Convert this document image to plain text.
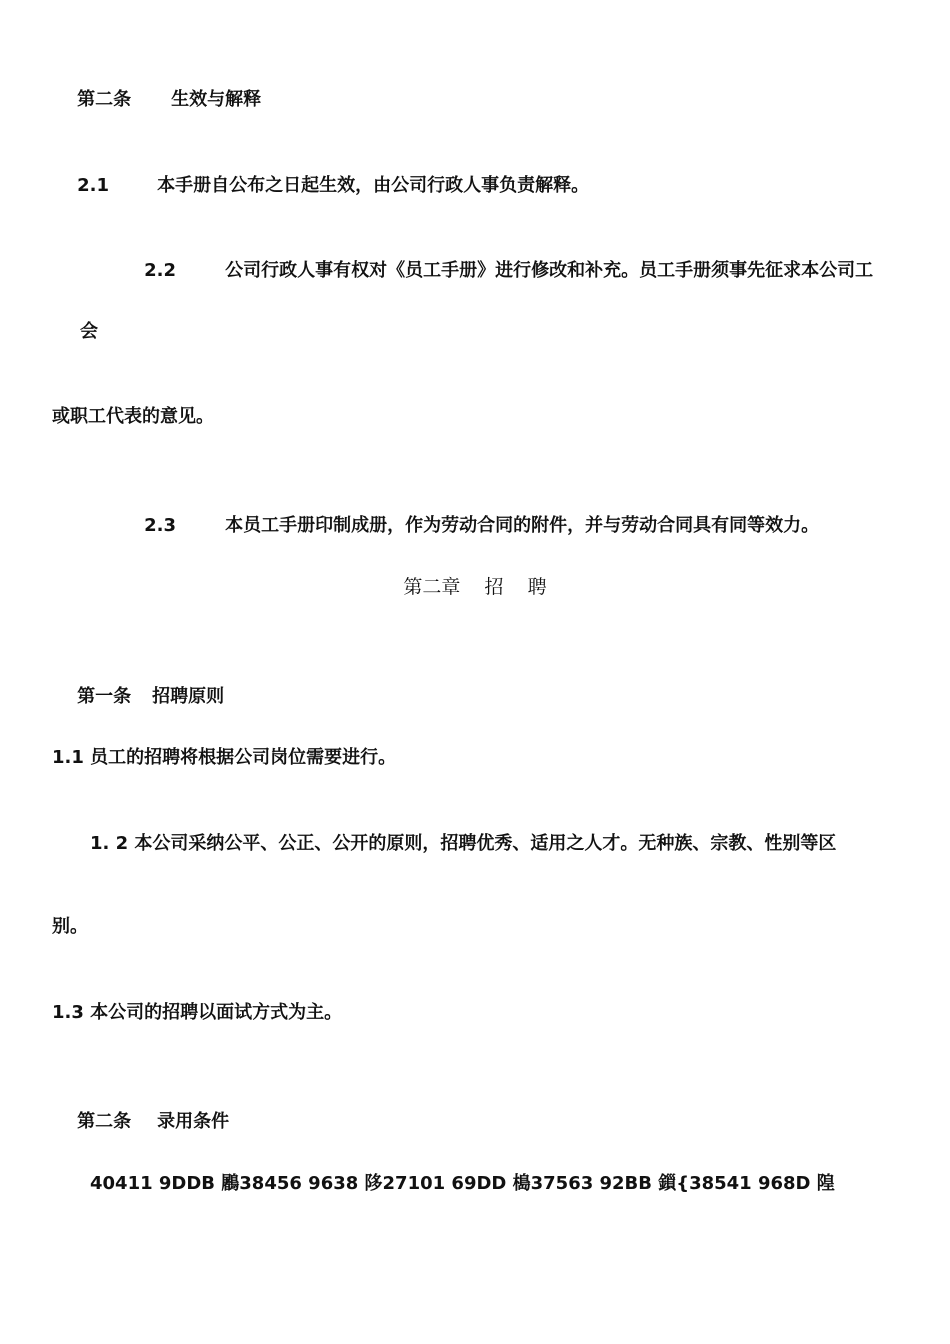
第二条 生效与解释

2.1	本手册自公布之日起生效，由公司行政人事负责解释。

2.2	公司行政人事有权对《员工手册》进行修改和补充。员工手册须事先征求本公司工

会
或职工代表的意见。

2.3	本员工手册印制成册，作为劳动合同的附件，并与劳动合同具有同等效力。

第二章    招    聘

第一条 招聘原则

1.1 员工的招聘将根据公司岗位需要进行。
1. 2 本公司采纳公平、公正、公开的原则，招聘优秀、适用之人才。无种族、宗教、性别等区
别。
1.3 本公司的招聘以面试方式为主。

第二条 录用条件

40411 9DDB 鷵38456 9638 陊27101 69DD 槝37563 92BB 鎻{38541 968D 隍
